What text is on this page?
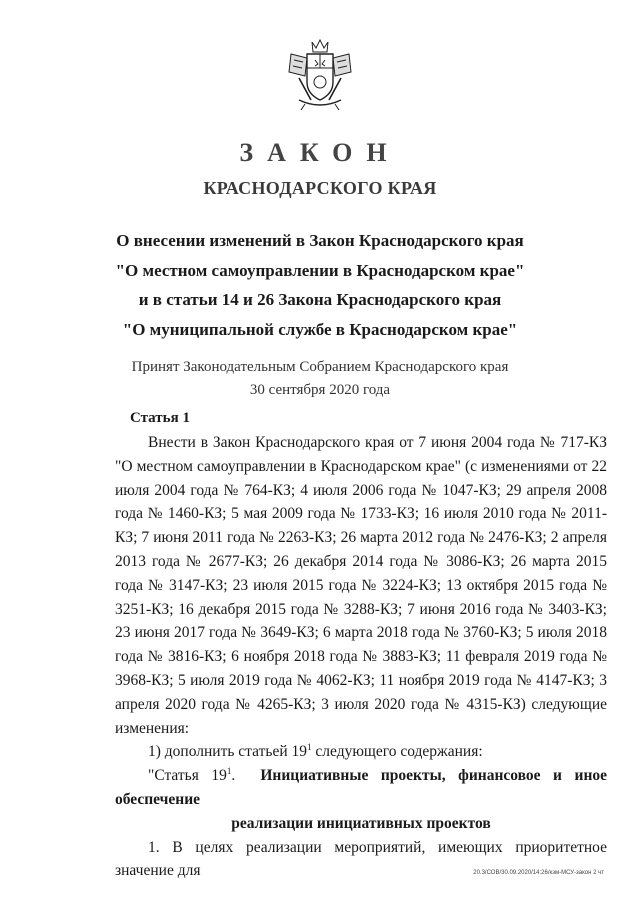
ЗАКОН
КРАСНОДАРСКОГО КРАЯ
О внесении изменений в Закон Краснодарского края
"О местном самоуправлении в Краснодарском крае"
и в статьи 14 и 26 Закона Краснодарского края
"О муниципальной службе в Краснодарском крае"
Принят Законодательным Собранием Краснодарского края
30 сентября 2020 года
Статья 1

Внести в Закон Краснодарского края от 7 июня 2004 года № 717-КЗ "О местном самоуправлении в Краснодарском крае" (с изменениями от 22 июля 2004 года № 764-КЗ; 4 июля 2006 года № 1047-КЗ; 29 апреля 2008 года № 1460-КЗ; 5 мая 2009 года № 1733-КЗ; 16 июля 2010 года № 2011-КЗ; 7 июня 2011 года № 2263-КЗ; 26 марта 2012 года № 2476-КЗ; 2 апреля 2013 года № 2677-КЗ; 26 декабря 2014 года № 3086-КЗ; 26 марта 2015 года № 3147-КЗ; 23 июля 2015 года № 3224-КЗ; 13 октября 2015 года № 3251-КЗ; 16 декабря 2015 года № 3288-КЗ; 7 июня 2016 года № 3403-КЗ; 23 июня 2017 года № 3649-КЗ; 6 марта 2018 года № 3760-КЗ; 5 июля 2018 года № 3816-КЗ; 6 ноября 2018 года № 3883-КЗ; 11 февраля 2019 года № 3968-КЗ; 5 июля 2019 года № 4062-КЗ; 11 ноября 2019 года № 4147-КЗ; 3 апреля 2020 года № 4265-КЗ; 3 июля 2020 года № 4315-КЗ) следующие изменения:

1) дополнить статьей $19^1$ следующего содержания:

"Статья $19^1$.  Инициативные проекты, финансовое и иное обеспечение

реализации инициативных проектов

1. В целях реализации мероприятий, имеющих приоритетное значение для	20.3/СОВ/30.09.2020/14:26/кзм-МСУ-закон 2 чт
